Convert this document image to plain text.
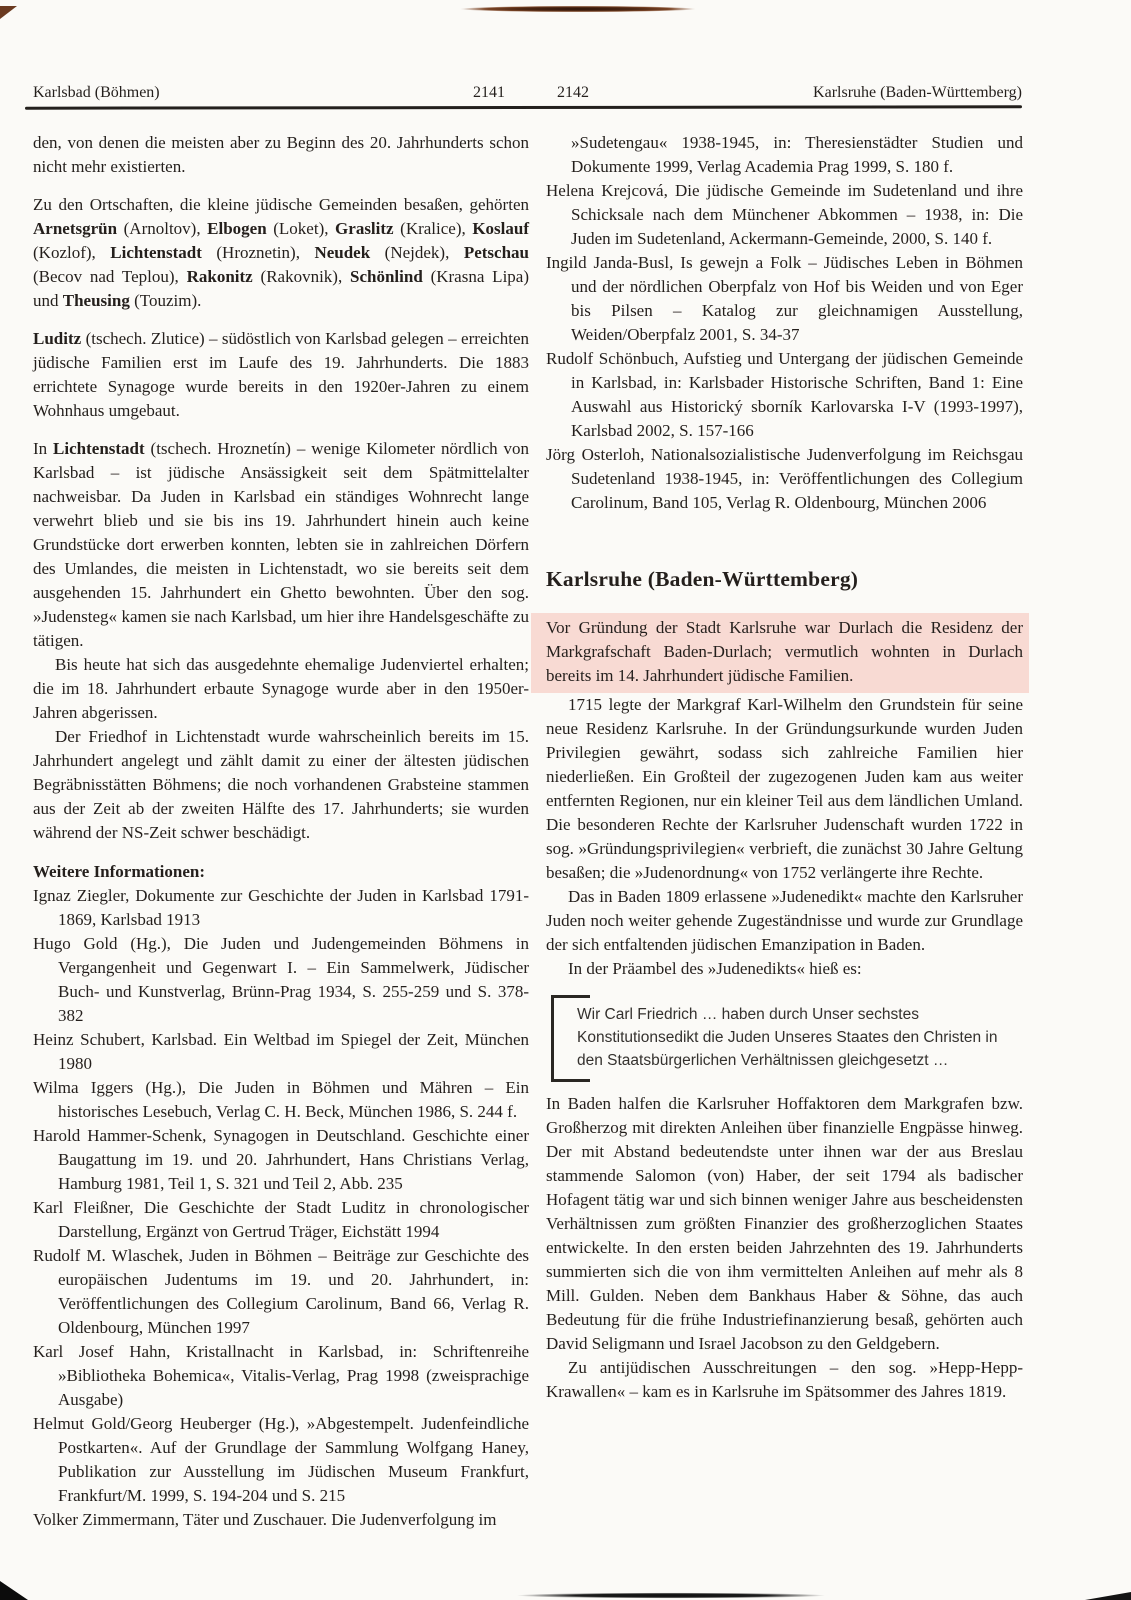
Karlsbad (Böhmen)	2141	2142	Karlsruhe (Baden-Württemberg)

den, von denen die meisten aber zu Beginn des 20. Jahrhunderts schon nicht mehr existierten.

Zu den Ortschaften, die kleine jüdische Gemeinden besaßen, gehörten Arnetsgrün (Arnoltov), Elbogen (Loket), Graslitz (Kralice), Koslauf (Kozlof), Lichtenstadt (Hroznetin), Neudek (Nejdek), Petschau (Becov nad Teplou), Rakonitz (Rakovnik), Schönlind (Krasna Lipa) und Theusing (Touzim).

Luditz (tschech. Zlutice) – südöstlich von Karlsbad gelegen – erreichten jüdische Familien erst im Laufe des 19. Jahrhunderts. Die 1883 errichtete Synagoge wurde bereits in den 1920er-Jahren zu einem Wohnhaus umgebaut.

In Lichtenstadt (tschech. Hroznetín) – wenige Kilometer nördlich von Karlsbad – ist jüdische Ansässigkeit seit dem Spätmittelalter nachweisbar. Da Juden in Karlsbad ein ständiges Wohnrecht lange verwehrt blieb und sie bis ins 19. Jahrhundert hinein auch keine Grundstücke dort erwerben konnten, lebten sie in zahlreichen Dörfern des Umlandes, die meisten in Lichtenstadt, wo sie bereits seit dem ausgehenden 15. Jahrhundert ein Ghetto bewohnten. Über den sog. »Judensteg« kamen sie nach Karlsbad, um hier ihre Handelsgeschäfte zu tätigen.

Bis heute hat sich das ausgedehnte ehemalige Judenviertel erhalten; die im 18. Jahrhundert erbaute Synagoge wurde aber in den 1950er-Jahren abgerissen.

Der Friedhof in Lichtenstadt wurde wahrscheinlich bereits im 15. Jahrhundert angelegt und zählt damit zu einer der ältesten jüdischen Begräbnisstätten Böhmens; die noch vorhandenen Grabsteine stammen aus der Zeit ab der zweiten Hälfte des 17. Jahrhunderts; sie wurden während der NS-Zeit schwer beschädigt.

Weitere Informationen:

Ignaz Ziegler, Dokumente zur Geschichte der Juden in Karlsbad 1791-1869, Karlsbad 1913

Hugo Gold (Hg.), Die Juden und Judengemeinden Böhmens in Vergangenheit und Gegenwart I. – Ein Sammelwerk, Jüdischer Buch- und Kunstverlag, Brünn-Prag 1934, S. 255-259 und S. 378-382

Heinz Schubert, Karlsbad. Ein Weltbad im Spiegel der Zeit, München 1980

Wilma Iggers (Hg.), Die Juden in Böhmen und Mähren – Ein historisches Lesebuch, Verlag C. H. Beck, München 1986, S. 244 f.

Harold Hammer-Schenk, Synagogen in Deutschland. Geschichte einer Baugattung im 19. und 20. Jahrhundert, Hans Christians Verlag, Hamburg 1981, Teil 1, S. 321 und Teil 2, Abb. 235

Karl Fleißner, Die Geschichte der Stadt Luditz in chronologischer Darstellung, Ergänzt von Gertrud Träger, Eichstätt 1994

Rudolf M. Wlaschek, Juden in Böhmen – Beiträge zur Geschichte des europäischen Judentums im 19. und 20. Jahrhundert, in: Veröffentlichungen des Collegium Carolinum, Band 66, Verlag R. Oldenbourg, München 1997

Karl Josef Hahn, Kristallnacht in Karlsbad, in: Schriftenreihe »Bibliotheka Bohemica«, Vitalis-Verlag, Prag 1998 (zweisprachige Ausgabe)

Helmut Gold/Georg Heuberger (Hg.), »Abgestempelt. Judenfeindliche Postkarten«. Auf der Grundlage der Sammlung Wolfgang Haney, Publikation zur Ausstellung im Jüdischen Museum Frankfurt, Frankfurt/M. 1999, S. 194-204 und S. 215

Volker Zimmermann, Täter und Zuschauer. Die Judenverfolgung im

»Sudetengau« 1938-1945, in: Theresienstädter Studien und Dokumente 1999, Verlag Academia Prag 1999, S. 180 f.

Helena Krejcová, Die jüdische Gemeinde im Sudetenland und ihre Schicksale nach dem Münchener Abkommen – 1938, in: Die Juden im Sudetenland, Ackermann-Gemeinde, 2000, S. 140 f.

Ingild Janda-Busl, Is gewejn a Folk – Jüdisches Leben in Böhmen und der nördlichen Oberpfalz von Hof bis Weiden und von Eger bis Pilsen – Katalog zur gleichnamigen Ausstellung, Weiden/Oberpfalz 2001, S. 34-37

Rudolf Schönbuch, Aufstieg und Untergang der jüdischen Gemeinde in Karlsbad, in: Karlsbader Historische Schriften, Band 1: Eine Auswahl aus Historický sborník Karlovarska I-V (1993-1997), Karlsbad 2002, S. 157-166

Jörg Osterloh, Nationalsozialistische Judenverfolgung im Reichsgau Sudetenland 1938-1945, in: Veröffentlichungen des Collegium Carolinum, Band 105, Verlag R. Oldenbourg, München 2006

Karlsruhe (Baden-Württemberg)

Vor Gründung der Stadt Karlsruhe war Durlach die Residenz der Markgrafschaft Baden-Durlach; vermutlich wohnten in Durlach bereits im 14. Jahrhundert jüdische Familien.

1715 legte der Markgraf Karl-Wilhelm den Grundstein für seine neue Residenz Karlsruhe. In der Gründungsurkunde wurden Juden Privilegien gewährt, sodass sich zahlreiche Familien hier niederließen. Ein Großteil der zugezogenen Juden kam aus weiter entfernten Regionen, nur ein kleiner Teil aus dem ländlichen Umland. Die besonderen Rechte der Karlsruher Judenschaft wurden 1722 in sog. »Gründungsprivilegien« verbrieft, die zunächst 30 Jahre Geltung besaßen; die »Judenordnung« von 1752 verlängerte ihre Rechte.

Das in Baden 1809 erlassene »Judenedikt« machte den Karlsruher Juden noch weiter gehende Zugeständnisse und wurde zur Grundlage der sich entfaltenden jüdischen Emanzipation in Baden.

In der Präambel des »Judenedikts« hieß es:

Wir Carl Friedrich … haben durch Unser sechstes Konstitutionsedikt die Juden Unseres Staates den Christen in den Staatsbürgerlichen Verhältnissen gleichgesetzt …

In Baden halfen die Karlsruher Hoffaktoren dem Markgrafen bzw. Großherzog mit direkten Anleihen über finanzielle Engpässe hinweg. Der mit Abstand bedeutendste unter ihnen war der aus Breslau stammende Salomon (von) Haber, der seit 1794 als badischer Hofagent tätig war und sich binnen weniger Jahre aus bescheidensten Verhältnissen zum größten Finanzier des großherzoglichen Staates entwickelte. In den ersten beiden Jahrzehnten des 19. Jahrhunderts summierten sich die von ihm vermittelten Anleihen auf mehr als 8 Mill. Gulden. Neben dem Bankhaus Haber & Söhne, das auch Bedeutung für die frühe Industriefinanzierung besaß, gehörten auch David Seligmann und Israel Jacobson zu den Geldgebern.

Zu antijüdischen Ausschreitungen – den sog. »Hepp-Hepp-Krawallen« – kam es in Karlsruhe im Spätsommer des Jahres 1819.
